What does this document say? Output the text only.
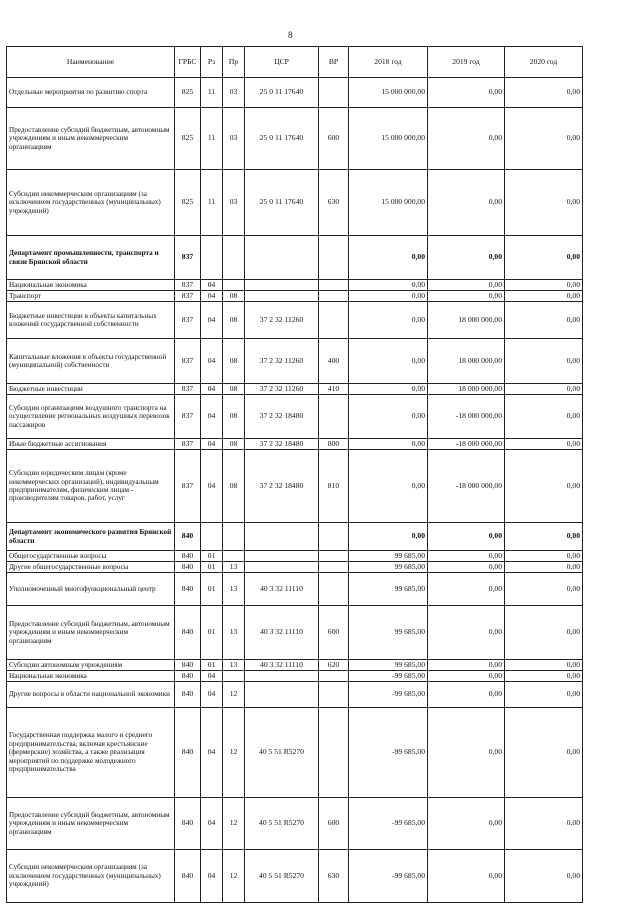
8
Наименование	ГРБС	Рз	Пр	ЦСР	ВР	2018 год	2019 год	2020 год
Отдельные мероприятия по развитию спорта	825	11	03	25 0 11 17640		15 000 000,00	0,00	0,00
Предоставление субсидий бюджетным, автономным учреждениям и иным некоммерческим организациям	825	11	03	25 0 11 17640	600	15 000 000,00	0,00	0,00
Субсидии некоммерческим организациям (за исключением государственных (муниципальных) учреждений)	825	11	03	25 0 11 17640	630	15 000 000,00	0,00	0,00
Департамент промышленности, транспорта и связи Брянской области	837					0,00	0,00	0,00
Национальная экономика	837	04				0,00	0,00	0,00
Транспорт	837	04	08			0,00	0,00	0,00
Бюджетные инвестиции в объекты капитальных вложений государственной собственности	837	04	08	37 2 32 11260		0,00	18 000 000,00	0,00
Капитальные вложения в объекты государственной (муниципальной) собственности	837	04	08	37 2 32 11260	400	0,00	18 000 000,00	0,00
Бюджетные инвестиции	837	04	08	37 2 32 11260	410	0,00	18 000 000,00	0,00
Субсидии организациям воздушного транспорта на осуществление региональных воздушных перевозок пассажиров	837	04	08	37 2 32 18480		0,00	-18 000 000,00	0,00
Иные бюджетные ассигнования	837	04	08	37 2 32 18480	800	0,00	-18 000 000,00	0,00
Субсидии юридическим лицам (кроме некоммерческих организаций), индивидуальным предпринимателям, физическим лицам - производителям товаров, работ, услуг	837	04	08	37 2 32 18480	810	0,00	-18 000 000,00	0,00
Департамент экономического развития Брянской области	840					0,00	0,00	0,00
Общегосударственные вопросы	840	01				99 685,00	0,00	0,00
Другие общегосударственные вопросы	840	01	13			99 685,00	0,00	0,00
Уполномоченный многофункциональный центр	840	01	13	40 3 32 11110		99 685,00	0,00	0,00
Предоставление субсидий бюджетным, автономным учреждениям и иным некоммерческим организациям	840	01	13	40 3 32 11110	600	99 685,00	0,00	0,00
Субсидии автономным учреждениям	840	01	13	40 3 32 11110	620	99 685,00	0,00	0,00
Национальная экономика	840	04				-99 685,00	0,00	0,00
Другие вопросы в области национальной экономики	840	04	12			-99 685,00	0,00	0,00
Государственная поддержка малого и среднего предпринимательства, включая крестьянские (фермерские) хозяйства, а также реализация мероприятий по поддержке молодежного предпринимательства	840	04	12	40 5 51 R5270		-99 685,00	0,00	0,00
Предоставление субсидий бюджетным, автономным учреждениям и иным некоммерческим организациям	840	04	12	40 5 51 R5270	600	-99 685,00	0,00	0,00
Субсидии некоммерческим организациям (за исключением государственных (муниципальных) учреждений)	840	04	12	40 5 51 R5270	630	-99 685,00	0,00	0,00
